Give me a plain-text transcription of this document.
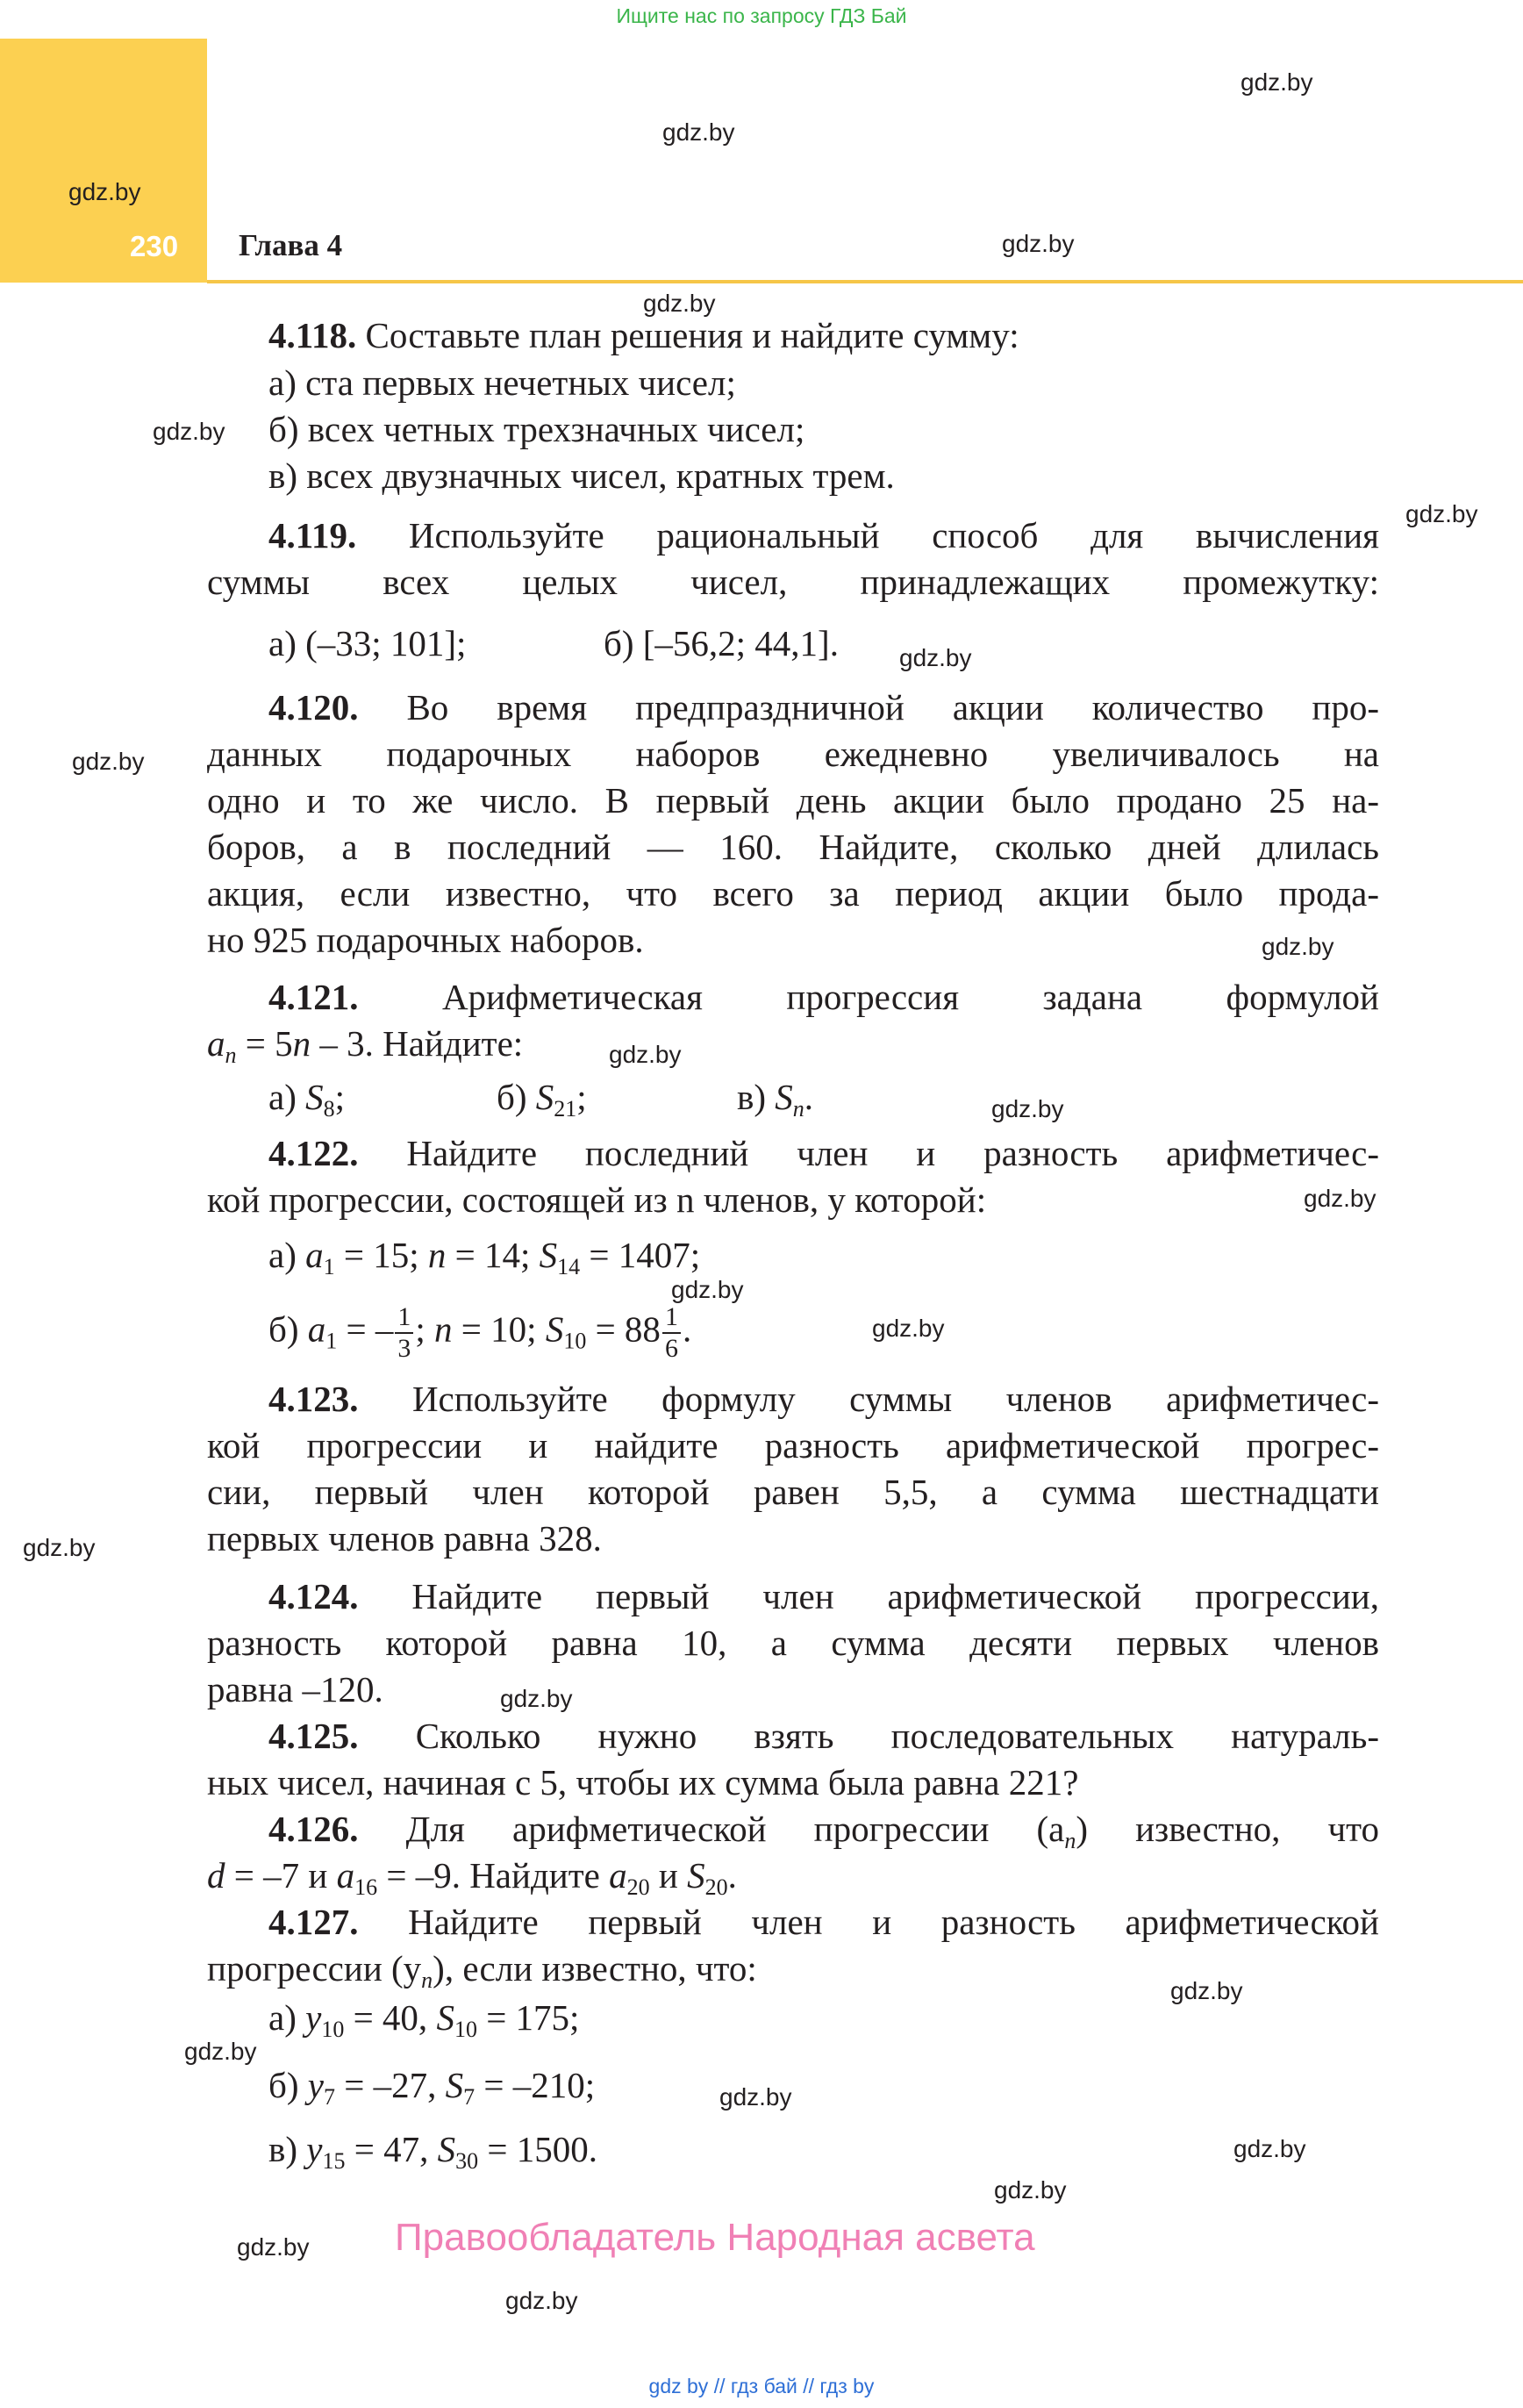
Ищите нас по запросу ГДЗ Бай
230 Глава 4
gdz.by
gdz.by
gdz.by
gdz.by
gdz.by
gdz.by
gdz.by
gdz.by
gdz.by
gdz.by
gdz.by
gdz.by
gdz.by
gdz.by
gdz.by
gdz.by
gdz.by
gdz.by
gdz.by
gdz.by
gdz.by
gdz.by
gdz.by
gdz.by
4.118. Составьте план решения и найдите сумму:
а) ста первых нечетных чисел;
б) всех четных трехзначных чисел;
в) всех двузначных чисел, кратных трем.
4.119. Используйте рациональный способ для вычисления
суммы всех целых чисел, принадлежащих промежутку:
а) (–33; 101];	б) [–56,2; 44,1].
4.120. Во время предпраздничной акции количество про-
данных подарочных наборов ежедневно увеличивалось на
одно и то же число. В первый день акции было продано 25 на-
боров, а в последний — 160. Найдите, сколько дней длилась
акция, если известно, что всего за период акции было прода-
но 925 подарочных наборов.
4.121. Арифметическая прогрессия задана формулой
$a_n = 5n - 3$. Найдите:
а) $S_8$;	б) $S_{21}$;	в) $S_n$.
4.122. Найдите последний член и разность арифметичес-
кой прогрессии, состоящей из n членов, у которой:
а) $a_1 = 15$; n = 14; $S_{14} = 1407$;
б) $a_1$ = – $\frac{1}{3}$ ; n = 10; $S_{10} = 88 \frac{1}{6}$ .
4.123. Используйте формулу суммы членов арифметичес-
кой прогрессии и найдите разность арифметической прогрес-
сии, первый член которой равен 5,5, а сумма шестнадцати
первых членов равна 328.
4.124. Найдите первый член арифметической прогрессии,
разность которой равна 10, а сумма десяти первых членов
равна –120.
4.125. Сколько нужно взять последовательных натураль-
ных чисел, начиная с 5, чтобы их сумма была равна 221?
4.126. Для арифметической прогрессии $(a_n)$ известно, что
d = –7 и $a_{16} = -9$. Найдите $a_{20}$ и $S_{20}$.
4.127. Найдите первый член и разность арифметической
прогрессии $(y_n)$, если известно, что:
а) $y_{10} = 40$, $S_{10} = 175$;
б) $y_7 = -27$, $S_7 = -210$;
в) $y_{15} = 47$, $S_{30} = 1500$.
Правообладатель Народная асвета
gdz by // гдз бай // гдз by
